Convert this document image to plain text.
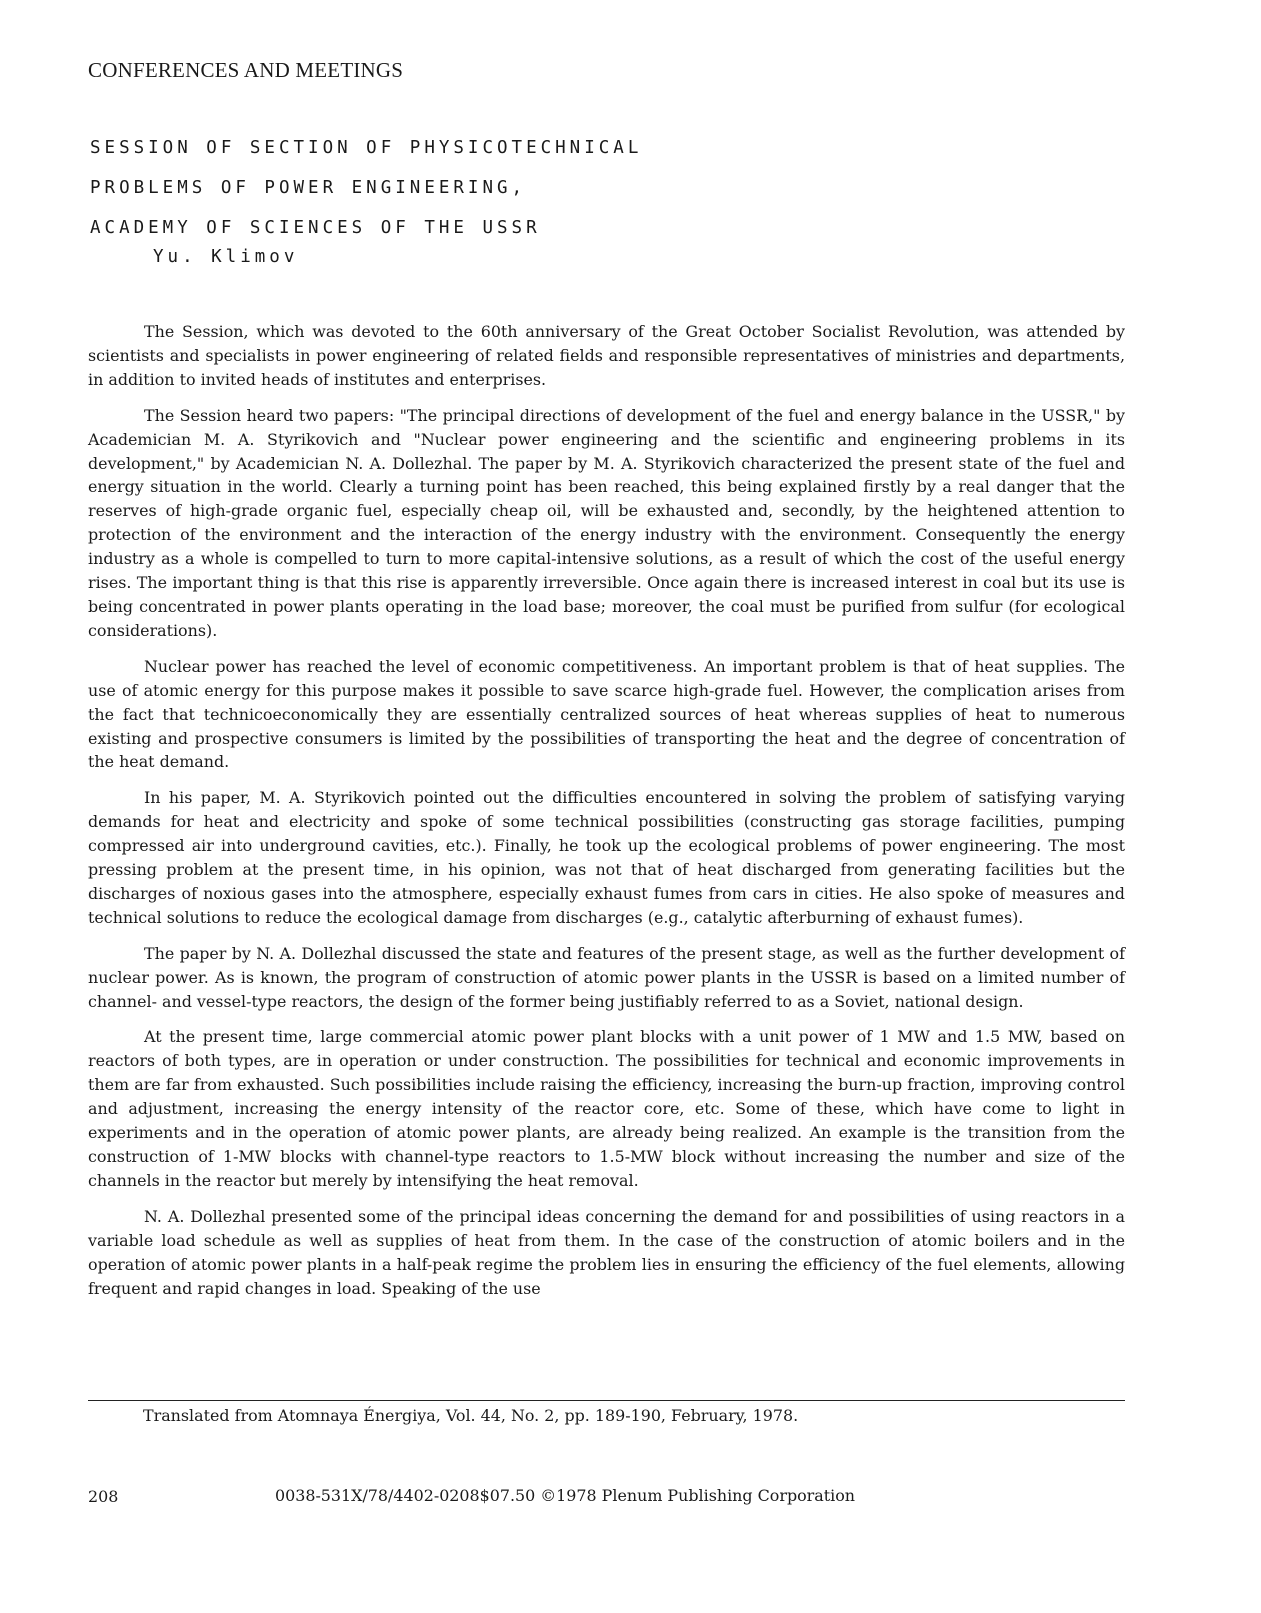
CONFERENCES AND MEETINGS
SESSION OF SECTION OF PHYSICOTECHNICAL
PROBLEMS OF POWER ENGINEERING,
ACADEMY OF SCIENCES OF THE USSR
Yu. Klimov

The Session, which was devoted to the 60th anniversary of the Great October Socialist Revolution, was attended by scientists and specialists in power engineering of related fields and responsible representatives of ministries and departments, in addition to invited heads of institutes and enterprises.

The Session heard two papers: "The principal directions of development of the fuel and energy balance in the USSR," by Academician M. A. Styrikovich and "Nuclear power engineering and the scientific and engineering problems in its development," by Academician N. A. Dollezhal. The paper by M. A. Styrikovich characterized the present state of the fuel and energy situation in the world. Clearly a turning point has been reached, this being explained firstly by a real danger that the reserves of high-grade organic fuel, especially cheap oil, will be exhausted and, secondly, by the heightened attention to protection of the environment and the interaction of the energy industry with the environment. Consequently the energy industry as a whole is compelled to turn to more capital-intensive solutions, as a result of which the cost of the useful energy rises. The important thing is that this rise is apparently irreversible. Once again there is increased interest in coal but its use is being concentrated in power plants operating in the load base; moreover, the coal must be purified from sulfur (for ecological considerations).

Nuclear power has reached the level of economic competitiveness. An important problem is that of heat supplies. The use of atomic energy for this purpose makes it possible to save scarce high-grade fuel. However, the complication arises from the fact that technicoeconomically they are essentially centralized sources of heat whereas supplies of heat to numerous existing and prospective consumers is limited by the possibilities of transporting the heat and the degree of concentration of the heat demand.

In his paper, M. A. Styrikovich pointed out the difficulties encountered in solving the problem of satisfying varying demands for heat and electricity and spoke of some technical possibilities (constructing gas storage facilities, pumping compressed air into underground cavities, etc.). Finally, he took up the ecological problems of power engineering. The most pressing problem at the present time, in his opinion, was not that of heat discharged from generating facilities but the discharges of noxious gases into the atmosphere, especially exhaust fumes from cars in cities. He also spoke of measures and technical solutions to reduce the ecological damage from discharges (e.g., catalytic afterburning of exhaust fumes).

The paper by N. A. Dollezhal discussed the state and features of the present stage, as well as the further development of nuclear power. As is known, the program of construction of atomic power plants in the USSR is based on a limited number of channel- and vessel-type reactors, the design of the former being justifiably referred to as a Soviet, national design.

At the present time, large commercial atomic power plant blocks with a unit power of 1 MW and 1.5 MW, based on reactors of both types, are in operation or under construction. The possibilities for technical and economic improvements in them are far from exhausted. Such possibilities include raising the efficiency, increasing the burn-up fraction, improving control and adjustment, increasing the energy intensity of the reactor core, etc. Some of these, which have come to light in experiments and in the operation of atomic power plants, are already being realized. An example is the transition from the construction of 1-MW blocks with channel-type reactors to 1.5-MW block without increasing the number and size of the channels in the reactor but merely by intensifying the heat removal.

N. A. Dollezhal presented some of the principal ideas concerning the demand for and possibilities of using reactors in a variable load schedule as well as supplies of heat from them. In the case of the construction of atomic boilers and in the operation of atomic power plants in a half-peak regime the problem lies in ensuring the efficiency of the fuel elements, allowing frequent and rapid changes in load. Speaking of the use

Translated from Atomnaya Énergiya, Vol. 44, No. 2, pp. 189-190, February, 1978.
208	0038-531X/78/4402-0208$07.50 ©1978 Plenum Publishing Corporation
